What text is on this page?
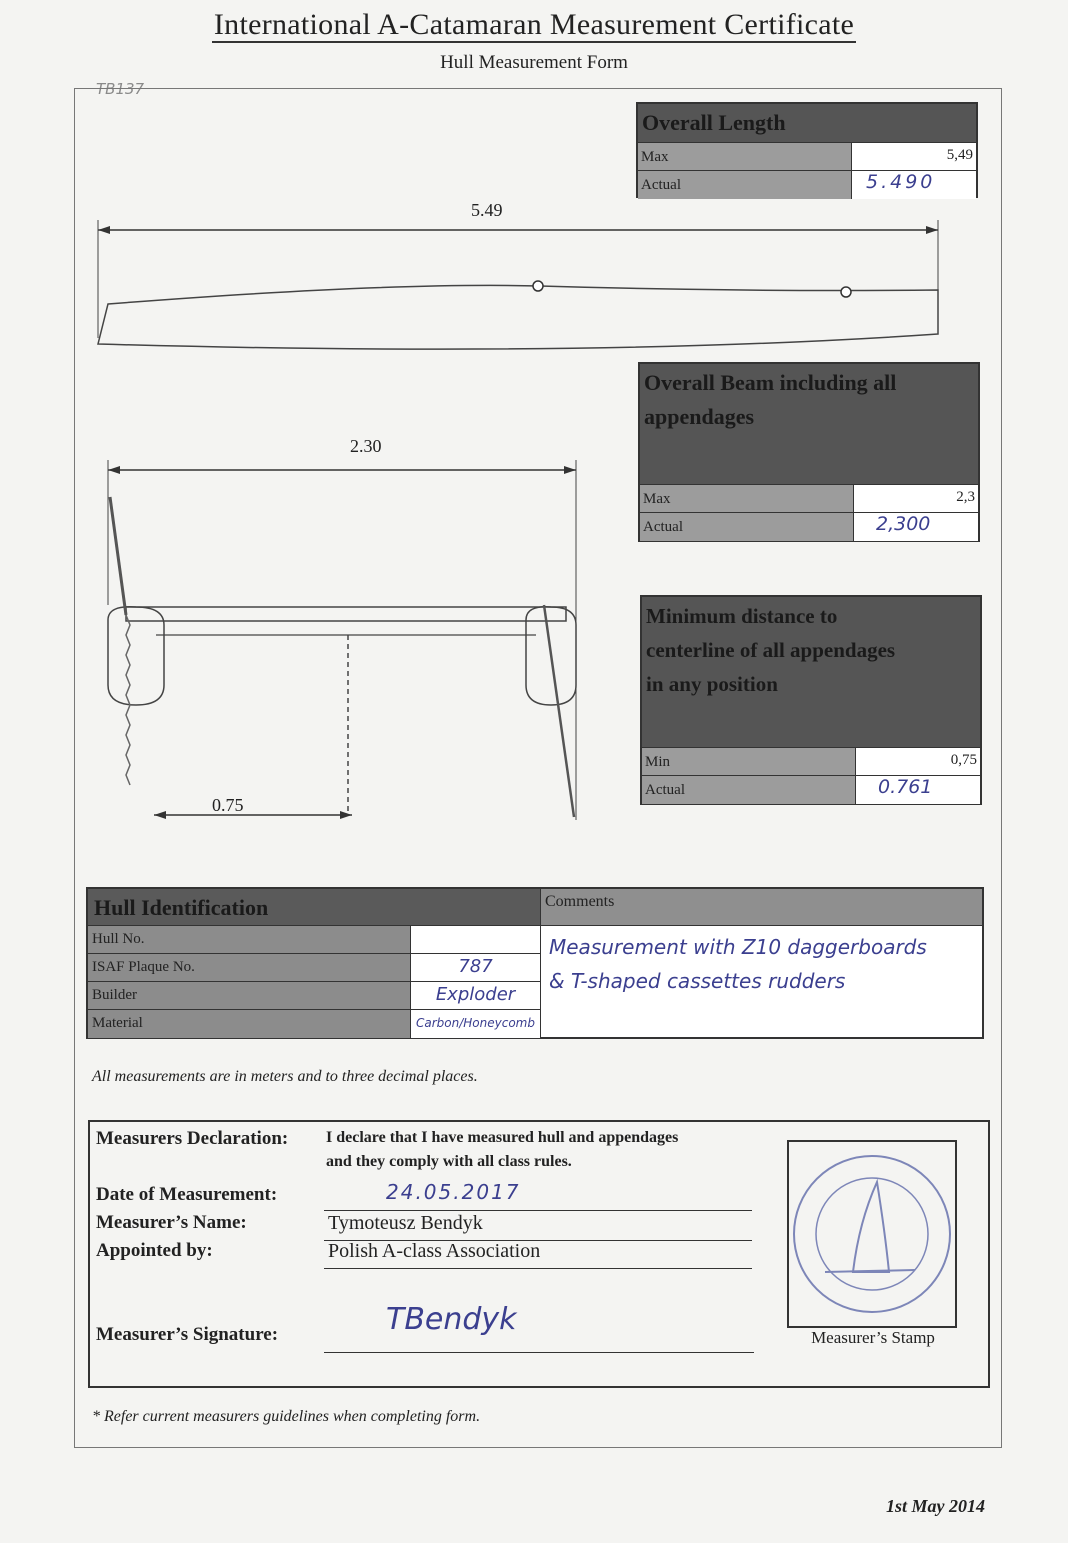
International A-Catamaran Measurement Certificate
Hull Measurement Form
TB137
Overall Length
Max	5,49
Actual	5.490
5.49
Overall Beam including all
appendages
Max	2,3
Actual	2,300
2.30
0.75
Minimum distance to
centerline of all appendages
in any position
Min	0,75
Actual	0.761
Hull Identification	Comments
Hull No.
ISAF Plaque No.	787
Builder	Exploder
Material	Carbon/Honeycomb
Measurement with Z10 daggerboards
& T-shaped cassettes rudders
All measurements are in meters and to three decimal places.
Measurers Declaration: I declare that I have measured hull and appendages
and they comply with all class rules.
Date of Measurement:	24.05.2017
Measurer’s Name:	Tymoteusz Bendyk
Appointed by:	Polish A-class Association
Measurer’s Signature:	TBendyk
Measurer’s Stamp
* Refer current measurers guidelines when completing form.
1st May 2014
